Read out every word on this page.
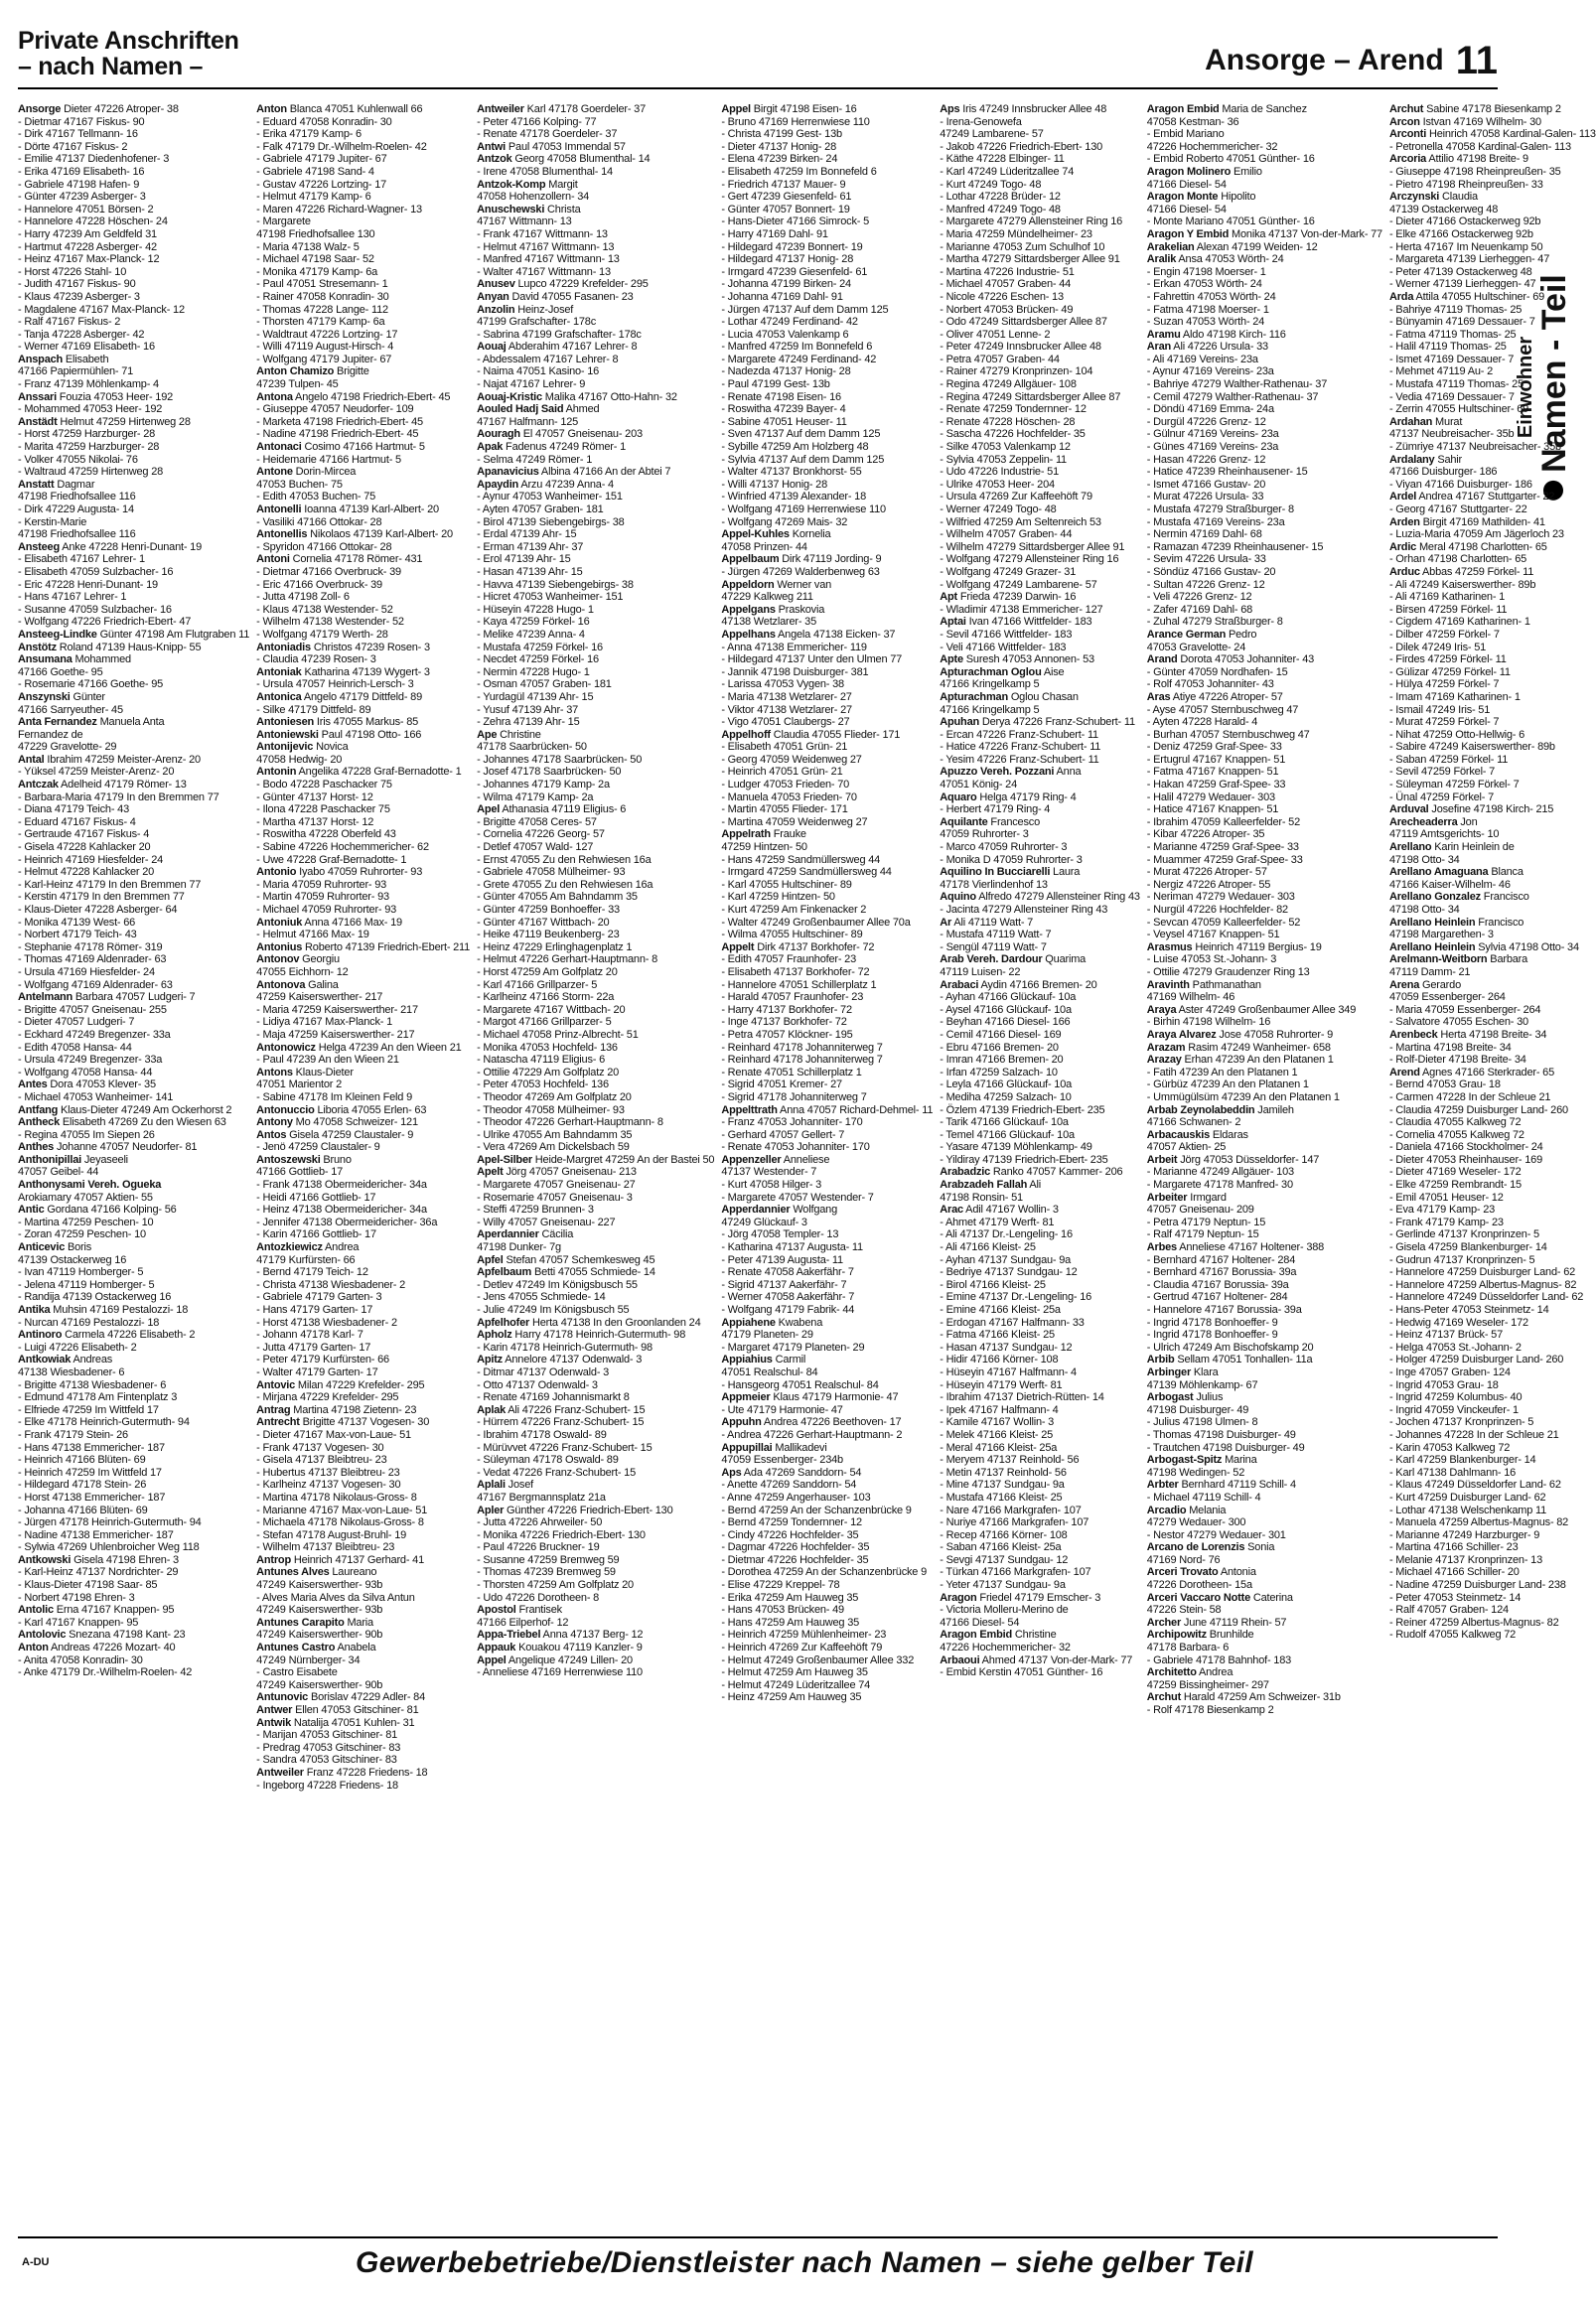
Private Anschriften
– nach Namen –	Ansorge – Arend 11
Einwohner Namen - Teil
Ansorge Dieter 47226 Atroper- 38
- Dietmar 47167 Fiskus- 90
- Dirk 47167 Tellmann- 16
- Dörte 47167 Fiskus- 2
- Emilie 47137 Diedenhofener- 3
- Erika 47169 Elisabeth- 16
- Gabriele 47198 Hafen- 9
- Günter 47239 Asberger- 3
- Hannelore 47051 Börsen- 2
- Hannelore 47228 Höschen- 24
- Harry 47239 Am Geldfeld 31
- Hartmut 47228 Asberger- 42
- Heinz 47167 Max-Planck- 12
- Horst 47226 Stahl- 10
- Judith 47167 Fiskus- 90
- Klaus 47239 Asberger- 3
- Magdalene 47167 Max-Planck- 12
- Ralf 47167 Fiskus- 2
- Tanja 47228 Asberger- 42
- Werner 47169 Elisabeth- 16
Anspach Elisabeth
47166 Papiermühlen- 71
- Franz 47139 Möhlenkamp- 4
Anssari Fouzia 47053 Heer- 192
- Mohammed 47053 Heer- 192
Anstädt Helmut 47259 Hirtenweg 28
- Horst 47259 Harzburger- 28
- Marita 47259 Harzburger- 28
- Volker 47055 Nikolai- 76
- Waltraud 47259 Hirtenweg 28
Anstatt Dagmar
47198 Friedhofsallee 116
- Dirk 47229 Augusta- 14
- Kerstin-Marie
47198 Friedhofsallee 116
Ansteeg Anke 47228 Henri-Dunant- 19
- Elisabeth 47167 Lehrer- 1
- Elisabeth 47059 Sulzbacher- 16
- Eric 47228 Henri-Dunant- 19
- Hans 47167 Lehrer- 1
- Susanne 47059 Sulzbacher- 16
- Wolfgang 47226 Friedrich-Ebert- 47
Ansteeg-Lindke Günter 47198 Am Flutgraben 11
Anstötz Roland 47139 Haus-Knipp- 55
Ansumana Mohammed
47166 Goethe- 95
- Rosemarie 47166 Goethe- 95
Anszynski Günter
47166 Sarryeuther- 45
Anta Fernandez Manuela Anta
Fernandez de
47229 Gravelotte- 29
Antal Ibrahim 47259 Meister-Arenz- 20
- Yüksel 47259 Meister-Arenz- 20
Antczak Adelheid 47179 Römer- 13
- Barbara-Maria 47179 In den Bremmen 77
- Diana 47179 Teich- 43
- Eduard 47167 Fiskus- 4
- Gertraude 47167 Fiskus- 4
- Gisela 47228 Kahlacker 20
- Heinrich 47169 Hiesfelder- 24
- Helmut 47228 Kahlacker 20
- Karl-Heinz 47179 In den Bremmen 77
- Kerstin 47179 In den Bremmen 77
- Klaus-Dieter 47228 Asberger- 64
- Monika 47139 West- 66
- Norbert 47179 Teich- 43
- Stephanie 47178 Römer- 319
- Thomas 47169 Aldenrader- 63
- Ursula 47169 Hiesfelder- 24
- Wolfgang 47169 Aldenrader- 63
Antelmann Barbara 47057 Ludgeri- 7
- Brigitte 47057 Gneisenau- 255
- Dieter 47057 Ludgeri- 7
- Eckhard 47249 Bregenzer- 33a
- Edith 47058 Hansa- 44
- Ursula 47249 Bregenzer- 33a
- Wolfgang 47058 Hansa- 44
Antes Dora 47053 Klever- 35
- Michael 47053 Wanheimer- 141
Antfang Klaus-Dieter 47249 Am Ockerhorst 2
Antheck Elisabeth 47269 Zu den Wiesen 63
- Regina 47055 Im Siepen 26
Anthes Johanne 47057 Neudorfer- 81
Anthonipillai Jeyaseeli
47057 Geibel- 44
Anthonysami Vereh. Ogueka
Arokiamary 47057 Aktien- 55
Antic Gordana 47166 Kolping- 56
- Martina 47259 Peschen- 10
- Zoran 47259 Peschen- 10
Anticevic Boris
47139 Ostackerweg 16
- Ivan 47119 Homberger- 5
- Jelena 47119 Homberger- 5
- Randija 47139 Ostackerweg 16
Antika Muhsin 47169 Pestalozzi- 18
- Nurcan 47169 Pestalozzi- 18
Antinoro Carmela 47226 Elisabeth- 2
- Luigi 47226 Elisabeth- 2
Antkowiak Andreas
47138 Wiesbadener- 6
- Brigitte 47138 Wiesbadener- 6
- Edmund 47178 Am Fintenplatz 3
- Elfriede 47259 Im Wittfeld 17
- Elke 47178 Heinrich-Gutermuth- 94
- Frank 47179 Stein- 26
- Hans 47138 Emmericher- 187
- Heinrich 47166 Blüten- 69
- Heinrich 47259 Im Wittfeld 17
- Hildegard 47178 Stein- 26
- Horst 47138 Emmericher- 187
- Johanna 47166 Blüten- 69
- Jürgen 47178 Heinrich-Gutermuth- 94
- Nadine 47138 Emmericher- 187
- Sylwia 47269 Uhlenbroicher Weg 118
Antkowski Gisela 47198 Ehren- 3
- Karl-Heinz 47137 Nordrichter- 29
- Klaus-Dieter 47198 Saar- 85
- Norbert 47198 Ehren- 3
Antolic Erna 47167 Knappen- 95
- Karl 47167 Knappen- 95
Antolovic Snezana 47198 Kant- 23
Anton Andreas 47226 Mozart- 40
- Anita 47058 Konradin- 30
- Anke 47179 Dr.-Wilhelm-Roelen- 42
Anton Blanca 47051 Kuhlenwall 66
- Eduard 47058 Konradin- 30
- Erika 47179 Kamp- 6
- Falk 47179 Dr.-Wilhelm-Roelen- 42
- Gabriele 47179 Jupiter- 67
- Gabriele 47198 Sand- 4
- Gustav 47226 Lortzing- 17
- Helmut 47179 Kamp- 6
- Maren 47226 Richard-Wagner- 13
- Margarete
47198 Friedhofsallee 130
- Maria 47138 Walz- 5
- Michael 47198 Saar- 52
- Monika 47179 Kamp- 6a
- Paul 47051 Stresemann- 1
- Rainer 47058 Konradin- 30
- Thomas 47228 Lange- 112
- Thorsten 47179 Kamp- 6a
- Waldtraut 47226 Lortzing- 17
- Willi 47119 August-Hirsch- 4
- Wolfgang 47179 Jupiter- 67
Anton Chamizo Brigitte
47239 Tulpen- 45
Antona Angelo 47198 Friedrich-Ebert- 45
- Giuseppe 47057 Neudorfer- 109
- Marketa 47198 Friedrich-Ebert- 45
- Nadine 47198 Friedrich-Ebert- 45
Antonaci Cosimo 47166 Hartmut- 5
- Heidemarie 47166 Hartmut- 5
Antone Dorin-Mircea
47053 Buchen- 75
- Edith 47053 Buchen- 75
Antonelli Ioanna 47139 Karl-Albert- 20
- Vasiliki 47166 Ottokar- 28
Antonellis Nikolaos 47139 Karl-Albert- 20
- Spyridon 47166 Ottokar- 28
Antoni Cornelia 47178 Römer- 431
- Dietmar 47166 Overbruck- 39
- Eric 47166 Overbruck- 39
- Jutta 47198 Zoll- 6
- Klaus 47138 Westender- 52
- Wilhelm 47138 Westender- 52
- Wolfgang 47179 Werth- 28
Antoniadis Christos 47239 Rosen- 3
- Claudia 47239 Rosen- 3
Antoniak Katharina 47139 Wygert- 3
- Ursula 47057 Heinrich-Lersch- 3
Antonica Angelo 47179 Dittfeld- 89
- Silke 47179 Dittfeld- 89
Antoniesen Iris 47055 Markus- 85
Antoniewski Paul 47198 Otto- 166
Antonijevic Novica
47058 Hedwig- 20
Antonin Angelika 47228 Graf-Bernadotte- 1
- Bodo 47228 Paschacker 75
- Günter 47137 Horst- 12
- Ilona 47228 Paschacker 75
- Martha 47137 Horst- 12
- Roswitha 47228 Oberfeld 43
- Sabine 47226 Hochemmericher- 62
- Uwe 47228 Graf-Bernadotte- 1
Antonio Iyabo 47059 Ruhrorter- 93
- Maria 47059 Ruhrorter- 93
- Martin 47059 Ruhrorter- 93
- Michael 47059 Ruhrorter- 93
Antoniuk Anna 47166 Max- 19
- Helmut 47166 Max- 19
Antonius Roberto 47139 Friedrich-Ebert- 211
Antonov Georgiu
47055 Eichhorn- 12
Antonova Galina
47259 Kaiserswerther- 217
- Maria 47259 Kaiserswerther- 217
- Lidiya 47167 Max-Planck- 1
- Maja 47259 Kaiserswerther- 217
Antonowicz Helga 47239 An den Wieen 21
- Paul 47239 An den Wieen 21
Antons Klaus-Dieter
47051 Marientor 2
- Sabine 47178 Im Kleinen Feld 9
Antonuccio Liboria 47055 Erlen- 63
Antony Mo 47058 Schweizer- 121
Antos Gisela 47259 Claustaler- 9
- Jenö 47259 Claustaler- 9
Antoszewski Bruno
47166 Gottlieb- 17
- Frank 47138 Obermeidericher- 34a
- Heidi 47166 Gottlieb- 17
- Heinz 47138 Obermeidericher- 34a
- Jennifer 47138 Obermeidericher- 36a
- Karin 47166 Gottlieb- 17
Antozkiewicz Andrea
47179 Kurfürsten- 66
- Bernd 47179 Teich- 12
- Christa 47138 Wiesbadener- 2
- Gabriele 47179 Garten- 3
- Hans 47179 Garten- 17
- Horst 47138 Wiesbadener- 2
- Johann 47178 Karl- 7
- Jutta 47179 Garten- 17
- Peter 47179 Kurfürsten- 66
- Walter 47179 Garten- 17
Antovic Milan 47229 Krefelder- 295
- Mirjana 47229 Krefelder- 295
Antrag Martina 47198 Zietenn- 23
Antrecht Brigitte 47137 Vogesen- 30
- Dieter 47167 Max-von-Laue- 51
- Frank 47137 Vogesen- 30
- Gisela 47137 Bleibtreu- 23
- Hubertus 47137 Bleibtreu- 23
- Karlheinz 47137 Vogesen- 30
- Martina 47178 Nikolaus-Gross- 8
- Marianne 47167 Max-von-Laue- 51
- Michaela 47178 Nikolaus-Gross- 8
- Stefan 47178 August-Bruhl- 19
- Wilhelm 47137 Bleibtreu- 23
Antrop Heinrich 47137 Gerhard- 41
Antunes Alves Laureano
47249 Kaiserswerther- 93b
- Alves Maria Alves da Silva Antun
47249 Kaiserswerther- 93b
Antunes Carapito Maria
47249 Kaiserswerther- 90b
Antunes Castro Anabela
47249 Nürnberger- 34
- Castro Eisabete
47249 Kaiserswerther- 90b
Antunovic Borislav 47229 Adler- 84
Antwer Ellen 47053 Gitschiner- 81
Antwik Natalija 47051 Kuhlen- 31
- Marijan 47053 Gitschiner- 81
- Predrag 47053 Gitschiner- 83
- Sandra 47053 Gitschiner- 83
Antweiler Franz 47228 Friedens- 18
- Ingeborg 47228 Friedens- 18
Antweiler Karl 47178 Goerdeler- 37
- Peter 47166 Kolping- 77
- Renate 47178 Goerdeler- 37
Antwi Paul 47053 Immendal 57
Antzok Georg 47058 Blumenthal- 14
- Irene 47058 Blumenthal- 14
Antzok-Komp Margit
47058 Hohenzollern- 34
Anuschewski Christa
47167 Wittmann- 13
- Frank 47167 Wittmann- 13
- Helmut 47167 Wittmann- 13
- Manfred 47167 Wittmann- 13
- Walter 47167 Wittmann- 13
Anusev Lupco 47229 Krefelder- 295
Anyan David 47055 Fasanen- 23
Anzolin Heinz-Josef
47199 Grafschafter- 178c
- Sabrina 47199 Grafschafter- 178c
Aouaj Abderahim 47167 Lehrer- 8
- Abdessalem 47167 Lehrer- 8
- Naima 47051 Kasino- 16
- Najat 47167 Lehrer- 9
Aouaj-Kristic Malika 47167 Otto-Hahn- 32
Aouled Hadj Said Ahmed
47167 Halfmann- 125
Aouragh El 47057 Gneisenau- 203
Apak Fadenus 47249 Römer- 1
- Selma 47249 Römer- 1
Apanavicius Albina 47166 An der Abtei 7
Apaydin Arzu 47239 Anna- 4
- Aynur 47053 Wanheimer- 151
- Ayten 47057 Graben- 181
- Birol 47139 Siebengebirgs- 38
- Erdal 47139 Ahr- 15
- Erman 47139 Ahr- 37
- Erol 47139 Ahr- 15
- Hasan 47139 Ahr- 15
- Havva 47139 Siebengebirgs- 38
- Hicret 47053 Wanheimer- 151
- Hüseyin 47228 Hugo- 1
- Kaya 47259 Förkel- 16
- Melike 47239 Anna- 4
- Mustafa 47259 Förkel- 16
- Necdet 47259 Förkel- 16
- Nermin 47228 Hugo- 1
- Osman 47057 Graben- 181
- Yurdagül 47139 Ahr- 15
- Yusuf 47139 Ahr- 37
- Zehra 47139 Ahr- 15
Ape Christine
47178 Saarbrücken- 50
- Johannes 47178 Saarbrücken- 50
- Josef 47178 Saarbrücken- 50
- Johannes 47179 Kamp- 2a
- Wilma 47179 Kamp- 2a
Apel Athanasia 47119 Eligius- 6
- Brigitte 47058 Ceres- 57
- Cornelia 47226 Georg- 57
- Detlef 47057 Wald- 127
- Ernst 47055 Zu den Rehwiesen 16a
- Gabriele 47058 Mülheimer- 93
- Grete 47055 Zu den Rehwiesen 16a
- Günter 47055 Am Bahndamm 35
- Günter 47259 Bonhoeffer- 33
- Günter 47167 Wittbach- 20
- Heike 47119 Beukenberg- 23
- Heinz 47229 Erlinghagenplatz 1
- Helmut 47226 Gerhart-Hauptmann- 8
- Horst 47259 Am Golfplatz 20
- Karl 47166 Grillparzer- 5
- Karlheinz 47166 Storm- 22a
- Margarete 47167 Wittbach- 20
- Margot 47166 Grillparzer- 5
- Michael 47058 Prinz-Albrecht- 51
- Monika 47053 Hochfeld- 136
- Natascha 47119 Eligius- 6
- Ottilie 47229 Am Golfplatz 20
- Peter 47053 Hochfeld- 136
- Theodor 47269 Am Golfplatz 20
- Theodor 47058 Mülheimer- 93
- Theodor 47226 Gerhart-Hauptmann- 8
- Ulrike 47055 Am Bahndamm 35
- Vera 47269 Am Dickelsbach 59
Apel-Silber Heide-Margret 47259 An der Bastei 50
Apelt Jörg 47057 Gneisenau- 213
- Margarete 47057 Gneisenau- 27
- Rosemarie 47057 Gneisenau- 3
- Steffi 47259 Brunnen- 3
- Willy 47057 Gneisenau- 227
Aperdannier Cäcilia
47198 Dunker- 7g
Apfel Stefan 47057 Schemkesweg 45
Apfelbaum Betti 47055 Schmiede- 14
- Detlev 47249 Im Königsbusch 55
- Jens 47055 Schmiede- 14
- Julie 47249 Im Königsbusch 55
Apfelhofer Herta 47138 In den Groonlanden 24
Apholz Harry 47178 Heinrich-Gutermuth- 98
- Karin 47178 Heinrich-Gutermuth- 98
Apitz Annelore 47137 Odenwald- 3
- Ditmar 47137 Odenwald- 3
- Otto 47137 Odenwald- 3
- Renate 47169 Johannismarkt 8
Aplak Ali 47226 Franz-Schubert- 15
- Hürrem 47226 Franz-Schubert- 15
- Ibrahim 47178 Oswald- 89
- Mürüvvet 47226 Franz-Schubert- 15
- Süleyman 47178 Oswald- 89
- Vedat 47226 Franz-Schubert- 15
Aplali Josef
47167 Bergmannsplatz 21a
Apler Günther 47226 Friedrich-Ebert- 130
- Jutta 47226 Ahrweiler- 50
- Monika 47226 Friedrich-Ebert- 130
- Paul 47226 Bruckner- 19
- Susanne 47259 Bremweg 59
- Thomas 47239 Bremweg 59
- Thorsten 47259 Am Golfplatz 20
- Udo 47226 Dorotheen- 8
Apostol Frantisek
47166 Eilperhof- 12
Appa-Triebel Anna 47137 Berg- 12
Appauk Kouakou 47119 Kanzler- 9
Appel Angelique 47249 Lillen- 20
- Anneliese 47169 Herrenwiese 110
Appel Birgit 47198 Eisen- 16
- Bruno 47169 Herrenwiese 110
- Christa 47199 Gest- 13b
- Dieter 47137 Honig- 28
- Elena 47239 Birken- 24
- Elisabeth 47259 Im Bonnefeld 6
- Friedrich 47137 Mauer- 9
- Gert 47239 Giesenfeld- 61
- Günter 47057 Bonnert- 19
- Hans-Dieter 47166 Simrock- 5
- Harry 47169 Dahl- 91
- Hildegard 47239 Bonnert- 19
- Hildegard 47137 Honig- 28
- Irmgard 47239 Giesenfeld- 61
- Johanna 47199 Birken- 24
- Johanna 47169 Dahl- 91
- Jürgen 47137 Auf dem Damm 125
- Lothar 47249 Ferdinand- 42
- Lucia 47053 Valenkamp 6
- Manfred 47259 Im Bonnefeld 6
- Margarete 47249 Ferdinand- 42
- Nadezda 47137 Honig- 28
- Paul 47199 Gest- 13b
- Renate 47198 Eisen- 16
- Roswitha 47239 Bayer- 4
- Sabine 47051 Heuser- 11
- Sven 47137 Auf dem Damm 125
- Sybille 47259 Am Holzberg 48
- Sylvia 47137 Auf dem Damm 125
- Walter 47137 Bronkhorst- 55
- Willi 47137 Honig- 28
- Winfried 47139 Alexander- 18
- Wolfgang 47169 Herrenwiese 110
- Wolfgang 47269 Mais- 32
Appel-Kuhles Kornelia
47058 Prinzen- 44
Appelbaum Dirk 47119 Jording- 9
- Jürgen 47269 Walderbenweg 63
Appeldorn Werner van
47229 Kalkweg 211
Appelgans Praskovia
47138 Wetzlarer- 35
Appelhans Angela 47138 Eicken- 37
- Anna 47138 Emmericher- 119
- Hildegard 47137 Unter den Ulmen 77
- Jannik 47198 Duisburger- 381
- Larissa 47053 Vygen- 38
- Maria 47138 Wetzlarer- 27
- Viktor 47138 Wetzlarer- 27
- Vigo 47051 Claubergs- 27
Appelhoff Claudia 47055 Flieder- 171
- Elisabeth 47051 Grün- 21
- Georg 47059 Weidenweg 27
- Heinrich 47051 Grün- 21
- Ludger 47053 Frieden- 70
- Manuela 47053 Frieden- 70
- Martin 47055 Flieder- 171
- Martina 47059 Weidenweg 27
Appelrath Frauke
47259 Hintzen- 50
- Hans 47259 Sandmüllersweg 44
- Irmgard 47259 Sandmüllersweg 44
- Karl 47055 Hultschiner- 89
- Karl 47259 Hintzen- 50
- Kurt 47259 Am Finkenacker 2
- Walter 47249 Großenbaumer Allee 70a
- Wilma 47055 Hultschiner- 89
Appelt Dirk 47137 Borkhofer- 72
- Edith 47057 Fraunhofer- 23
- Elisabeth 47137 Borkhofer- 72
- Hannelore 47051 Schillerplatz 1
- Harald 47057 Fraunhofer- 23
- Harry 47137 Borkhofer- 72
- Inge 47137 Borkhofer- 72
- Petra 47057 Klöckner- 195
- Reinhard 47178 Johanniterweg 7
- Reinhard 47178 Johanniterweg 7
- Renate 47051 Schillerplatz 1
- Sigrid 47051 Kremer- 27
- Sigrid 47178 Johanniterweg 7
Appelttrath Anna 47057 Richard-Dehmel- 11
- Franz 47053 Johanniter- 170
- Gerhard 47057 Gellert- 7
- Renate 47053 Johanniter- 170
Appenzeller Anneliese
47137 Westender- 7
- Kurt 47058 Hilger- 3
- Margarete 47057 Westender- 7
Apperdannier Wolfgang
47249 Glückauf- 3
- Jörg 47058 Templer- 13
- Katharina 47137 Augusta- 11
- Peter 47139 Augusta- 11
- Renate 47058 Aakerfähr- 7
- Sigrid 47137 Aakerfähr- 7
- Werner 47058 Aakerfähr- 7
- Wolfgang 47179 Fabrik- 44
Appiahene Kwabena
47179 Planeten- 29
- Margaret 47179 Planeten- 29
Appiahius Carmil
47051 Realschul- 84
- Hansgeorg 47051 Realschul- 84
Appmeier Klaus 47179 Harmonie- 47
- Ute 47179 Harmonie- 47
Appuhn Andrea 47226 Beethoven- 17
- Andrea 47226 Gerhart-Hauptmann- 2
Appupillai Mallikadevi
47059 Essenberger- 234b
Aps Ada 47269 Sanddorn- 54
- Anette 47269 Sanddorn- 54
- Anne 47259 Angerhauser- 103
- Bernd 47259 An der Schanzenbrücke 9
- Bernd 47259 Tondernner- 12
- Cindy 47226 Hochfelder- 35
- Dagmar 47226 Hochfelder- 35
- Dietmar 47226 Hochfelder- 35
- Dorothea 47259 An der Schanzenbrücke 9
- Elise 47229 Kreppel- 78
- Erika 47259 Am Hauweg 35
- Hans 47053 Brücken- 49
- Hans 47259 Am Hauweg 35
- Heinrich 47259 Mühlenheimer- 23
- Heinrich 47269 Zur Kaffeehöft 79
- Helmut 47249 Großenbaumer Allee 332
- Helmut 47259 Am Hauweg 35
- Helmut 47249 Lüderitzallee 74
- Heinz 47259 Am Hauweg 35
Aps Iris 47249 Innsbrucker Allee 48
- Irena-Genowefa
47249 Lambarene- 57
- Jakob 47226 Friedrich-Ebert- 130
- Käthe 47228 Elbinger- 11
- Karl 47249 Lüderitzallee 74
- Kurt 47249 Togo- 48
- Lothar 47228 Brüder- 12
- Manfred 47249 Togo- 48
- Margarete 47279 Allensteiner Ring 16
- Maria 47259 Mündelheimer- 23
- Marianne 47053 Zum Schulhof 10
- Martha 47279 Sittardsberger Allee 91
- Martina 47226 Industrie- 51
- Michael 47057 Graben- 44
- Nicole 47226 Eschen- 13
- Norbert 47053 Brücken- 49
- Odo 47249 Sittardsberger Allee 87
- Oliver 47051 Lenne- 2
- Peter 47249 Innsbrucker Allee 48
- Petra 47057 Graben- 44
- Rainer 47279 Kronprinzen- 104
- Regina 47249 Allgäuer- 108
- Regina 47249 Sittardsberger Allee 87
- Renate 47259 Tondernner- 12
- Renate 47228 Höschen- 28
- Sascha 47226 Hochfelder- 35
- Silke 47053 Valenkamp 12
- Sylvia 47053 Zeppelin- 11
- Udo 47226 Industrie- 51
- Ulrike 47053 Heer- 204
- Ursula 47269 Zur Kaffeehöft 79
- Werner 47249 Togo- 48
- Wilfried 47259 Am Seltenreich 53
- Wilhelm 47057 Graben- 44
- Wilhelm 47279 Sittardsberger Allee 91
- Wolfgang 47279 Allensteiner Ring 16
- Wolfgang 47249 Grazer- 31
- Wolfgang 47249 Lambarene- 57
Apt Frieda 47239 Darwin- 16
- Wladimir 47138 Emmericher- 127
Aptai Ivan 47166 Wittfelder- 183
- Sevil 47166 Wittfelder- 183
- Veli 47166 Wittfelder- 183
Apte Suresh 47053 Annonen- 53
Apturachman Oglou Aise
47166 Kringelkamp 5
Apturachman Oglou Chasan
47166 Kringelkamp 5
Apuhan Derya 47226 Franz-Schubert- 11
- Ercan 47226 Franz-Schubert- 11
- Hatice 47226 Franz-Schubert- 11
- Yesim 47226 Franz-Schubert- 11
Apuzzo Vereh. Pozzani Anna
47051 König- 24
Aquaro Helga 47179 Ring- 4
- Herbert 47179 Ring- 4
Aquilante Francesco
47059 Ruhrorter- 3
- Marco 47059 Ruhrorter- 3
- Monika D 47059 Ruhrorter- 3
Aquilino In Bucciarelli Laura
47178 Vierlindenhof 13
Aquino Alfredo 47279 Allensteiner Ring 43
- Jacinta 47279 Allensteiner Ring 43
Ar Ali 47119 Watt- 7
- Mustafa 47119 Watt- 7
- Sengül 47119 Watt- 7
Arab Vereh. Dardour Quarima
47119 Luisen- 22
Arabaci Aydin 47166 Bremen- 20
- Ayhan 47166 Glückauf- 10a
- Aysel 47166 Glückauf- 10a
- Beyhan 47166 Diesel- 166
- Cemil 47166 Diesel- 169
- Ebru 47166 Bremen- 20
- Imran 47166 Bremen- 20
- Irfan 47259 Salzach- 10
- Leyla 47166 Glückauf- 10a
- Mediha 47259 Salzach- 10
- Özlem 47139 Friedrich-Ebert- 235
- Tarik 47166 Glückauf- 10a
- Temel 47166 Glückauf- 10a
- Yasare 47139 Möhlenkamp- 49
- Yildiray 47139 Friedrich-Ebert- 235
Arabadzic Ranko 47057 Kammer- 206
Arabzadeh Fallah Ali
47198 Ronsin- 51
Arac Adil 47167 Wollin- 3
- Ahmet 47179 Werft- 81
- Ali 47137 Dr.-Lengeling- 16
- Ali 47166 Kleist- 25
- Ayhan 47137 Sundgau- 9a
- Bedriye 47137 Sundgau- 12
- Birol 47166 Kleist- 25
- Emine 47137 Dr.-Lengeling- 16
- Emine 47166 Kleist- 25a
- Erdogan 47167 Halfmann- 33
- Fatma 47166 Kleist- 25
- Hasan 47137 Sundgau- 12
- Hidir 47166 Körner- 108
- Hüseyin 47167 Halfmann- 4
- Hüseyin 47179 Werft- 81
- Ibrahim 47137 Dietrich-Rütten- 14
- Ipek 47167 Halfmann- 4
- Kamile 47167 Wollin- 3
- Melek 47166 Kleist- 25
- Meral 47166 Kleist- 25a
- Meryem 47137 Reinhold- 56
- Metin 47137 Reinhold- 56
- Mine 47137 Sundgau- 9a
- Mustafa 47166 Kleist- 25
- Nare 47166 Markgrafen- 107
- Nuriye 47166 Markgrafen- 107
- Recep 47166 Körner- 108
- Saban 47166 Kleist- 25a
- Sevgi 47137 Sundgau- 12
- Türkan 47166 Markgrafen- 107
- Yeter 47137 Sundgau- 9a
Aragon Friedel 47179 Emscher- 3
- Victoria Molleru-Merino de
47166 Diesel- 54
Aragon Embid Christine
47226 Hochemmericher- 32
Arbaoui Ahmed 47137 Von-der-Mark- 77
- Embid Kerstin 47051 Günther- 16
Aragon Embid Maria de Sanchez
47058 Kestman- 36
- Embid Mariano
47226 Hochemmericher- 32
- Embid Roberto 47051 Günther- 16
Aragon Molinero Emilio
47166 Diesel- 54
Aragon Monte Hipolito
47166 Diesel- 54
- Monte Mariano 47051 Günther- 16
Aragon Y Embid Monika 47137 Von-der-Mark- 77
Arakelian Alexan 47199 Weiden- 12
Aralik Ansa 47053 Wörth- 24
- Engin 47198 Moerser- 1
- Erkan 47053 Wörth- 24
- Fahrettin 47053 Wörth- 24
- Fatma 47198 Moerser- 1
- Suzan 47053 Wörth- 24
Aramu Aldo 47198 Kirch- 116
Aran Ali 47226 Ursula- 33
- Ali 47169 Vereins- 23a
- Aynur 47169 Vereins- 23a
- Bahriye 47279 Walther-Rathenau- 37
- Cemil 47279 Walther-Rathenau- 37
- Döndü 47169 Emma- 24a
- Durgül 47226 Grenz- 12
- Gülnur 47169 Vereins- 23a
- Günes 47169 Vereins- 23a
- Hasan 47226 Grenz- 12
- Hatice 47239 Rheinhausener- 15
- Ismet 47166 Gustav- 20
- Murat 47226 Ursula- 33
- Mustafa 47279 Straßburger- 8
- Mustafa 47169 Vereins- 23a
- Nermin 47169 Dahl- 68
- Ramazan 47239 Rheinhausener- 15
- Sevim 47226 Ursula- 33
- Söndüz 47166 Gustav- 20
- Sultan 47226 Grenz- 12
- Veli 47226 Grenz- 12
- Zafer 47169 Dahl- 68
- Zuhal 47279 Straßburger- 8
Arance German Pedro
47053 Gravelotte- 24
Arand Dorota 47053 Johanniter- 43
- Günter 47059 Nordhafen- 15
- Rolf 47053 Johanniter- 43
Aras Atiye 47226 Atroper- 57
- Ayse 47057 Sternbuschweg 47
- Ayten 47228 Harald- 4
- Burhan 47057 Sternbuschweg 47
- Deniz 47259 Graf-Spee- 33
- Ertugrul 47167 Knappen- 51
- Fatma 47167 Knappen- 51
- Hakan 47259 Graf-Spee- 33
- Halil 47279 Wedauer- 303
- Hatice 47167 Knappen- 51
- Ibrahim 47059 Kalleerfelder- 52
- Kibar 47226 Atroper- 35
- Marianne 47259 Graf-Spee- 33
- Muammer 47259 Graf-Spee- 33
- Murat 47226 Atroper- 57
- Nergiz 47226 Atroper- 55
- Neriman 47279 Wedauer- 303
- Nurgül 47226 Hochfelder- 82
- Sevcan 47059 Kalleerfelder- 52
- Veysel 47167 Knappen- 51
Arasmus Heinrich 47119 Bergius- 19
- Luise 47053 St.-Johann- 3
- Ottilie 47279 Graudenzer Ring 13
Aravinth Pathmanathan
47169 Wilhelm- 46
Araya Aster 47249 Großenbaumer Allee 349
- Birhin 47198 Wilhelm- 16
Araya Alvarez Jose 47058 Ruhrorter- 9
Arazam Rasim 47249 Wanheimer- 658
Arazay Erhan 47239 An den Platanen 1
- Fatih 47239 An den Platanen 1
- Gürbüz 47239 An den Platanen 1
- Ummügülsüm 47239 An den Platanen 1
Arbab Zeynolabeddin Jamileh
47166 Schwanen- 2
Arbacauskis Eldaras
47057 Aktien- 25
Arbeit Jörg 47053 Düsseldorfer- 147
- Marianne 47249 Allgäuer- 103
- Margarete 47178 Manfred- 30
Arbeiter Irmgard
47057 Gneisenau- 209
- Petra 47179 Neptun- 15
- Ralf 47179 Neptun- 15
Arbes Anneliese 47167 Holtener- 388
- Bernhard 47167 Holtener- 284
- Bernhard 47167 Borussia- 39a
- Claudia 47167 Borussia- 39a
- Gertrud 47167 Holtener- 284
- Hannelore 47167 Borussia- 39a
- Ingrid 47178 Bonhoeffer- 9
- Ingrid 47178 Bonhoeffer- 9
- Ulrich 47249 Am Bischofskamp 20
Arbib Sellam 47051 Tonhallen- 11a
Arbinger Klara
47139 Möhlenkamp- 67
Arbogast Julius
47198 Duisburger- 49
- Julius 47198 Ulmen- 8
- Thomas 47198 Duisburger- 49
- Trautchen 47198 Duisburger- 49
Arbogast-Spitz Marina
47198 Wedingen- 52
Arbter Bernhard 47119 Schill- 4
- Michael 47119 Schill- 4
Arcadio Melania
47279 Wedauer- 300
- Nestor 47279 Wedauer- 301
Arcano de Lorenzis Sonia
47169 Nord- 76
Arceri Trovato Antonia
47226 Dorotheen- 15a
Arceri Vaccaro Notte Caterina
47226 Stein- 58
Archer June 47119 Rhein- 57
Archipowitz Brunhilde
47178 Barbara- 6
- Gabriele 47178 Bahnhof- 183
Architetto Andrea
47259 Bissingheimer- 297
Archut Harald 47259 Am Schweizer- 31b
- Rolf 47178 Biesenkamp 2
Archut Sabine 47178 Biesenkamp 2
Arcon Istvan 47169 Wilhelm- 30
Arconti Heinrich 47058 Kardinal-Galen- 113
- Petronella 47058 Kardinal-Galen- 113
Arcoria Attilio 47198 Breite- 9
- Giuseppe 47198 Rheinpreußen- 35
- Pietro 47198 Rheinpreußen- 33
Arczynski Claudia
47139 Ostackerweg 48
- Dieter 47166 Ostackerweg 92b
- Elke 47166 Ostackerweg 92b
- Herta 47167 Im Neuenkamp 50
- Margareta 47139 Lierheggen- 47
- Peter 47139 Ostackerweg 48
- Werner 47139 Lierheggen- 47
Arda Attila 47055 Hultschiner- 69
- Bahriye 47119 Thomas- 25
- Bünyamin 47169 Dessauer- 7
- Fatma 47119 Thomas- 25
- Halil 47119 Thomas- 25
- Ismet 47169 Dessauer- 7
- Mehmet 47119 Au- 2
- Mustafa 47119 Thomas- 25
- Vedia 47169 Dessauer- 7
- Zerrin 47055 Hultschiner- 69
Ardahan Murat
47137 Neubreisacher- 35b
- Zümriye 47137 Neubreisacher- 35b
Ardalany Sahir
47166 Duisburger- 186
- Viyan 47166 Duisburger- 186
Ardel Andrea 47167 Stuttgarter- 22
- Georg 47167 Stuttgarter- 22
Arden Birgit 47169 Mathilden- 41
- Luzia-Maria 47059 Am Jägerloch 23
Ardic Meral 47198 Charlotten- 65
- Orhan 47198 Charlotten- 65
Arduc Abbas 47259 Förkel- 11
- Ali 47249 Kaiserswerther- 89b
- Ali 47169 Katharinen- 1
- Birsen 47259 Förkel- 11
- Cigdem 47169 Katharinen- 1
- Dilber 47259 Förkel- 7
- Dilek 47249 Iris- 51
- Firdes 47259 Förkel- 11
- Gülizar 47259 Förkel- 11
- Hülya 47259 Förkel- 7
- Imam 47169 Katharinen- 1
- Ismail 47249 Iris- 51
- Murat 47259 Förkel- 7
- Nihat 47259 Otto-Hellwig- 6
- Sabire 47249 Kaiserswerther- 89b
- Saban 47259 Förkel- 11
- Sevil 47259 Förkel- 7
- Süleyman 47259 Förkel- 7
- Ünal 47259 Förkel- 7
Arduval Josefine 47198 Kirch- 215
Arecheaderra Jon
47119 Amtsgerichts- 10
Arellano Karin Heinlein de
47198 Otto- 34
Arellano Amaguana Blanca
47166 Kaiser-Wilhelm- 46
Arellano Gonzalez Francisco
47198 Otto- 34
Arellano Heinlein Francisco
47198 Margarethen- 3
Arellano Heinlein Sylvia 47198 Otto- 34
Arelmann-Weitborn Barbara
47119 Damm- 21
Arena Gerardo
47059 Essenberger- 264
- Maria 47059 Essenberger- 264
- Salvatore 47055 Eschen- 30
Arenbeck Herta 47198 Breite- 34
- Martina 47198 Breite- 34
- Rolf-Dieter 47198 Breite- 34
Arend Agnes 47166 Sterkrader- 65
- Bernd 47053 Grau- 18
- Carmen 47228 In der Schleue 21
- Claudia 47259 Duisburger Land- 260
- Claudia 47055 Kalkweg 72
- Cornelia 47055 Kalkweg 72
- Daniela 47166 Stockholmer- 24
- Dieter 47053 Rheinhauser- 169
- Dieter 47169 Weseler- 172
- Elke 47259 Rembrandt- 15
- Emil 47051 Heuser- 12
- Eva 47179 Kamp- 23
- Frank 47179 Kamp- 23
- Gerlinde 47137 Kronprinzen- 5
- Gisela 47259 Blankenburger- 14
- Gudrun 47137 Kronprinzen- 5
- Hannelore 47259 Duisburger Land- 62
- Hannelore 47259 Albertus-Magnus- 82
- Hannelore 47249 Düsseldorfer Land- 62
- Hans-Peter 47053 Steinmetz- 14
- Hedwig 47169 Weseler- 172
- Heinz 47137 Brück- 57
- Helga 47053 St.-Johann- 2
- Holger 47259 Duisburger Land- 260
- Inge 47057 Graben- 124
- Ingrid 47053 Grau- 18
- Ingrid 47259 Kolumbus- 40
- Ingrid 47059 Vinckeufer- 1
- Jochen 47137 Kronprinzen- 5
- Johannes 47228 In der Schleue 21
- Karin 47053 Kalkweg 72
- Karl 47259 Blankenburger- 14
- Karl 47138 Dahlmann- 16
- Klaus 47249 Düsseldorfer Land- 62
- Kurt 47259 Duisburger Land- 62
- Lothar 47138 Welschenkamp 11
- Manuela 47259 Albertus-Magnus- 82
- Marianne 47249 Harzburger- 9
- Martina 47166 Schiller- 23
- Melanie 47137 Kronprinzen- 13
- Michael 47166 Schiller- 20
- Nadine 47259 Duisburger Land- 238
- Peter 47053 Steinmetz- 14
- Ralf 47057 Graben- 124
- Reiner 47259 Albertus-Magnus- 82
- Rudolf 47055 Kalkweg 72
A-DU	Gewerbebetriebe/Dienstleister nach Namen – siehe gelber Teil
